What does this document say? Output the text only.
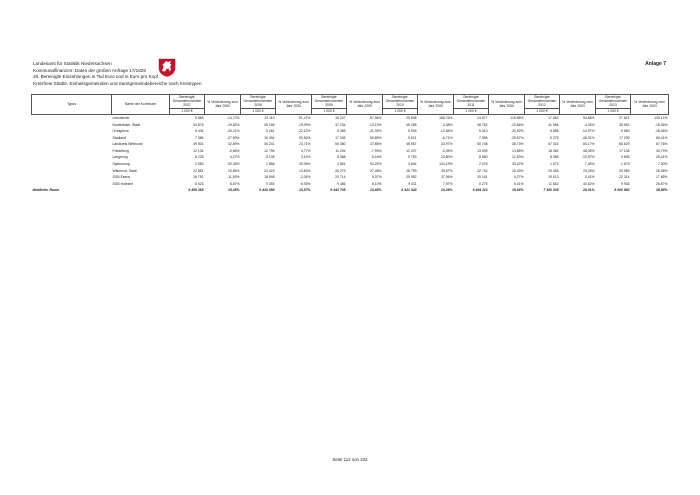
Landesamt für Statistik Niedersachsen
Kommunalfinanzen: Daten der großen Anfrage 17/1828
28. Bereinigte Einzahlungen in Tsd Euro und in Euro pro Kopf
Kreisfreie Städte, Einheitsgemeinden und Samtgemeindebereiche nach Kreistypen
Anlage 7
Typus	Name der Kommune	Bereinigte Gesamteinnahmen 2007	% Veränderung zum Jahr 2000	Bereinigte Gesamteinnahmen 2008	% Veränderung zum Jahr 2000	Bereinigte Gesamteinnahmen 2009	% Veränderung zum Jahr 2000	Bereinigte Gesamteinnahmen 2010	% Veränderung zum Jahr 2000	Bereinigte Gesamteinnahmen 2011	% Veränderung zum Jahr 2000	Bereinigte Gesamteinnahmen 2012	% Veränderung zum Jahr 2000	Bereinigte Gesamteinnahmen 2013	% Veränderung zum Jahr 2000
		1 000 €		1 000 €		1 000 €		1 000 €		1 000 €		1 000 €		1 000 €	
	Lemwerder	9 866	-14,72%	22 110	91,47%	18 247	57,96%	29 838	158,76%	24 877	115,85%	17 863	54,86%	27 621	139,14%
	Nordenham, Stadt	34 876	-19,62%	35 186	-19,09%	37 234	-14,19%	45 288	4,38%	38 762	-10,66%	41 596	-4,34%	35 552	-18,06%
	Ovelgönne	5 434	-20,11%	5 261	-22,12%	5 355	-21,33%	5 945	-12,66%	5 410	-20,52%	5 856	-13,97%	5 550	-18,46%
	Stadland	7 386	-27,59%	19 394	90,50%	17 339	69,89%	9 521	-6,71%	7 596	-25,57%	5 275	-48,31%	17 299	69,41%
	Landkreis Wittmund	49 501	32,89%	45 241	23,71%	50 380	37,85%	48 967	33,97%	50 748	38,73%	67 315	84,17%	68 629	87,76%
	Friedeburg	12 134	-0,65%	12 796	4,77%	11 244	-7,93%	12 207	-0,05%	13 909	13,88%	18 082	48,06%	17 106	40,79%
	Langeoog	8 228	4,27%	8 108	3,14%	8 368	6,16%	9 753	23,80%	8 880	12,53%	8 365	-19,97%	9 898	25,41%
	Spiekeroog	2 983	92,35%	1 868	20,05%	2 861	92,22%	3 644	134,19%	2 076	33,42%	1 672	7,46%	1 679	7,90%
	Wittmund, Stadt	22 851	10,86%	23 423	13,63%	26 279	27,48%	28 799	39,67%	22 742	10,43%	25 406	23,25%	25 989	26,08%
	SGB Esens	16 751	-11,53%	18 548	-2,04%	20 714	9,37%	25 952	37,06%	19 161	4,27%	19 013	0,41%	22 314	17,85%
	SGB Holtriem	8 523	8,57%	9 394	6,93%	9 486	8,10%	9 411	7,97%	8 275	5,41%	11 662	40,62%	9 936	26,57%
ländlicher Raum		6 456 385	15,45%	6 420 990	13,57%	6 443 705	13,65%	6 421 340	13,26%	6 494 113	19,64%	7 300 339	26,01%	8 000 862	36,96%
Seite 112 von 232
